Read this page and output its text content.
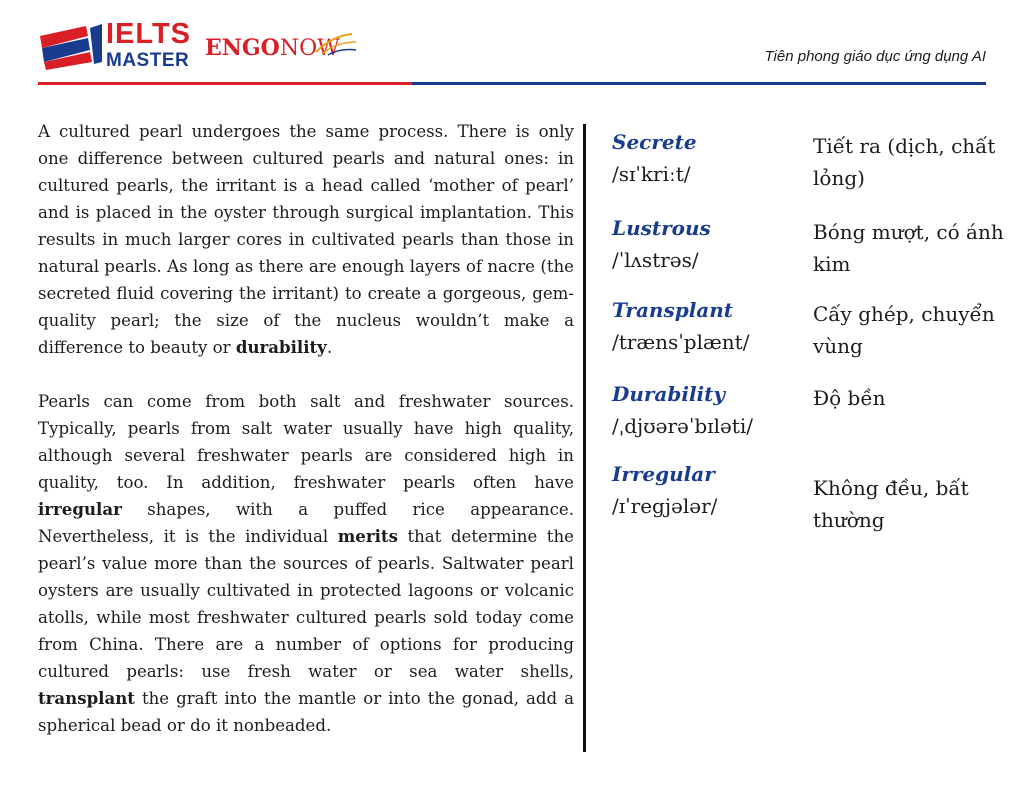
IELTS
MASTER ENGONOW	Tiên phong giáo dục ứng dụng AI

A cultured pearl undergoes the same process. There is only one difference between cultured pearls and natural ones: in cultured pearls, the irritant is a head called ‘mother of pearl’ and is placed in the oyster through surgical implantation. This results in much larger cores in cultivated pearls than those in natural pearls. As long as there are enough layers of nacre (the secreted fluid covering the irritant) to create a gorgeous, gem-quality pearl; the size of the nucleus wouldn’t make a difference to beauty or durability.

Pearls can come from both salt and freshwater sources. Typically, pearls from salt water usually have high quality, although several freshwater pearls are considered high in quality, too. In addition, freshwater pearls often have irregular shapes, with a puffed rice appearance. Nevertheless, it is the individual merits that determine the pearl’s value more than the sources of pearls. Saltwater pearl oysters are usually cultivated in protected lagoons or volcanic atolls, while most freshwater cultured pearls sold today come from China. There are a number of options for producing cultured pearls: use fresh water or sea water shells, transplant the graft into the mantle or into the gonad, add a spherical bead or do it nonbeaded.

Secrete
/sɪˈkriːt/
Tiết ra (dịch, chất lỏng)
Lustrous
/ˈlʌstrəs/
Bóng mượt, có ánh kim
Transplant
/trænsˈplænt/
Cấy ghép, chuyển vùng
Durability
/ˌdjʊərəˈbɪləti/
Độ bền
Irregular
/ɪˈregjələr/
Không đều, bất thường
